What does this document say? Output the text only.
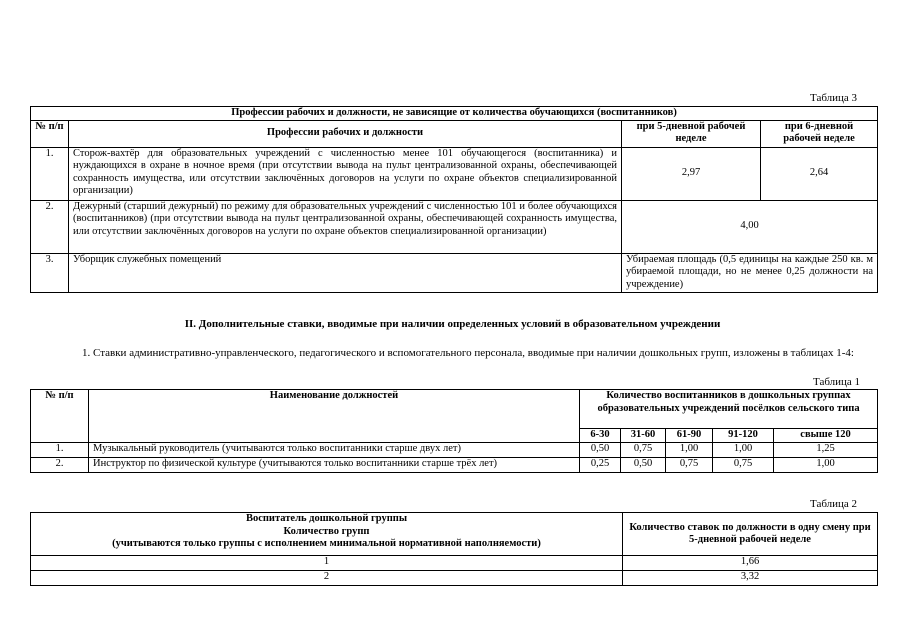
Таблица 3
Профессии рабочих и должности, не зависящие от количества обучающихся (воспитанников)			
№ п/п	Профессии рабочих и должности	при 5-дневной рабочей неделе	при 6-дневной рабочей неделе
1.	Сторож-вахтёр для образовательных учреждений с численностью менее 101 обучающегося (воспитанника) и нуждающихся в охране в ночное время (при отсутствии вывода на пульт централизованной охраны, обеспечивающей сохранность имущества, или отсутствии заключённых договоров на услуги по охране объектов специализированной организации)	2,97	2,64
2.	Дежурный (старший дежурный) по режиму для образовательных учреждений с численностью 101 и более обучающихся (воспитанников) (при отсутствии вывода на пульт централизованной охраны, обеспечивающей сохранность имущества, или отсутствии заключённых договоров на услуги по охране объектов специализированной организации)	4,00	
3.	Уборщик служебных помещений	Убираемая площадь (0,5 единицы на каждые 250 кв. м убираемой площади, но не менее 0,25 должности на учреждение)	
II. Дополнительные ставки, вводимые при наличии определенных условий в образовательном учреждении
1. Ставки административно-управленческого, педагогического и вспомогательного персонала, вводимые при наличии дошкольных групп, изложены в таблицах 1-4:
Таблица 1
№ п/п	Наименование должностей	Количество воспитанников в дошкольных группах образовательных учреждений посёлков сельского типа				
		6-30	31-60	61-90	91-120	свыше 120
1.	Музыкальный руководитель (учитываются только воспитанники старше двух лет)	0,50	0,75	1,00	1,00	1,25
2.	Инструктор по физической культуре (учитываются только воспитанники старше трёх лет)	0,25	0,50	0,75	0,75	1,00
Таблица 2
Воспитатель дошкольной группы
Количество групп
(учитываются только группы с исполнением минимальной нормативной наполняемости)	Количество ставок по должности в одну смену при 5-дневной рабочей неделе
1	1,66
2	3,32
